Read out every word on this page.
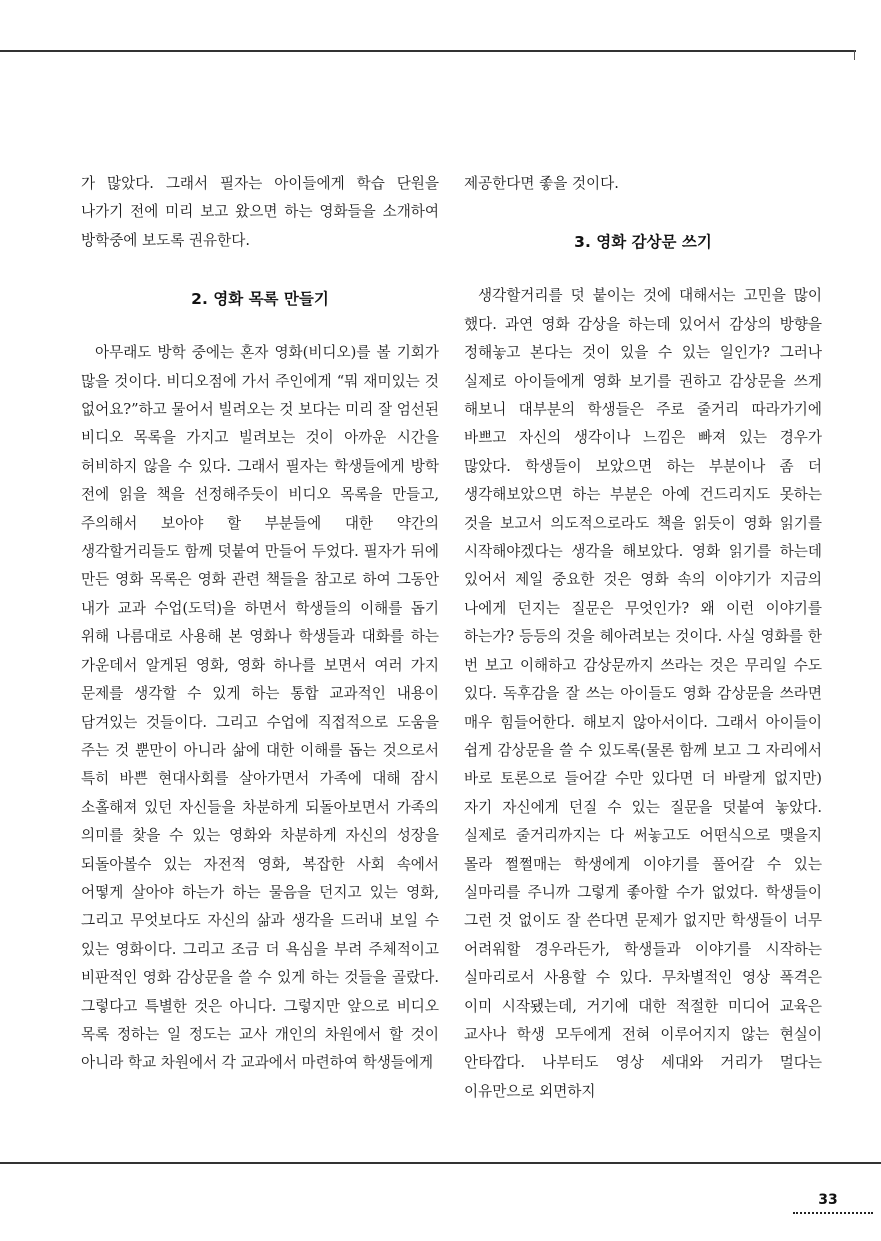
가 많았다. 그래서 필자는 아이들에게 학습 단원을 나가기 전에 미리 보고 왔으면 하는 영화들을 소개하여 방학중에 보도록 권유한다.

2. 영화 목록 만들기

아무래도 방학 중에는 혼자 영화(비디오)를 볼 기회가 많을 것이다. 비디오점에 가서 주인에게 “뭐 재미있는 것 없어요?”하고 물어서 빌려오는 것 보다는 미리 잘 엄선된 비디오 목록을 가지고 빌려보는 것이 아까운 시간을 허비하지 않을 수 있다. 그래서 필자는 학생들에게 방학 전에 읽을 책을 선정해주듯이 비디오 목록을 만들고, 주의해서 보아야 할 부분들에 대한 약간의 생각할거리들도 함께 덧붙여 만들어 두었다. 필자가 뒤에 만든 영화 목록은 영화 관련 책들을 참고로 하여 그동안 내가 교과 수업(도덕)을 하면서 학생들의 이해를 돕기 위해 나름대로 사용해 본 영화나 학생들과 대화를 하는 가운데서 알게된 영화, 영화 하나를 보면서 여러 가지 문제를 생각할 수 있게 하는 통합 교과적인 내용이 담겨있는 것들이다. 그리고 수업에 직접적으로 도움을 주는 것 뿐만이 아니라 삶에 대한 이해를 돕는 것으로서 특히 바쁜 현대사회를 살아가면서 가족에 대해 잠시 소홀해져 있던 자신들을 차분하게 되돌아보면서 가족의 의미를 찾을 수 있는 영화와 차분하게 자신의 성장을 되돌아볼수 있는 자전적 영화, 복잡한 사회 속에서 어떻게 살아야 하는가 하는 물음을 던지고 있는 영화, 그리고 무엇보다도 자신의 삶과 생각을 드러내 보일 수 있는 영화이다. 그리고 조금 더 욕심을 부려 주체적이고 비판적인 영화 감상문을 쓸 수 있게 하는 것들을 골랐다. 그렇다고 특별한 것은 아니다. 그렇지만 앞으로 비디오 목록 정하는 일 정도는 교사 개인의 차원에서 할 것이 아니라 학교 차원에서 각 교과에서 마련하여 학생들에게

제공한다면 좋을 것이다.

3. 영화 감상문 쓰기

생각할거리를 덧 붙이는 것에 대해서는 고민을 많이 했다. 과연 영화 감상을 하는데 있어서 감상의 방향을 정해놓고 본다는 것이 있을 수 있는 일인가? 그러나 실제로 아이들에게 영화 보기를 권하고 감상문을 쓰게 해보니 대부분의 학생들은 주로 줄거리 따라가기에 바쁘고 자신의 생각이나 느낌은 빠져 있는 경우가 많았다. 학생들이 보았으면 하는 부분이나 좀 더 생각해보았으면 하는 부분은 아예 건드리지도 못하는 것을 보고서 의도적으로라도 책을 읽듯이 영화 읽기를 시작해야겠다는 생각을 해보았다. 영화 읽기를 하는데 있어서 제일 중요한 것은 영화 속의 이야기가 지금의 나에게 던지는 질문은 무엇인가? 왜 이런 이야기를 하는가? 등등의 것을 헤아려보는 것이다. 사실 영화를 한 번 보고 이해하고 감상문까지 쓰라는 것은 무리일 수도 있다. 독후감을 잘 쓰는 아이들도 영화 감상문을 쓰라면 매우 힘들어한다. 해보지 않아서이다. 그래서 아이들이 쉽게 감상문을 쓸 수 있도록(물론 함께 보고 그 자리에서 바로 토론으로 들어갈 수만 있다면 더 바랄게 없지만) 자기 자신에게 던질 수 있는 질문을 덧붙여 놓았다. 실제로 줄거리까지는 다 써놓고도 어떤식으로 맺을지 몰라 쩔쩔매는 학생에게 이야기를 풀어갈 수 있는 실마리를 주니까 그렇게 좋아할 수가 없었다. 학생들이 그런 것 없이도 잘 쓴다면 문제가 없지만 학생들이 너무 어려워할 경우라든가, 학생들과 이야기를 시작하는 실마리로서 사용할 수 있다. 무차별적인 영상 폭격은 이미 시작됐는데, 거기에 대한 적절한 미디어 교육은 교사나 학생 모두에게 전혀 이루어지지 않는 현실이 안타깝다. 나부터도 영상 세대와 거리가 멀다는 이유만으로 외면하지

33
